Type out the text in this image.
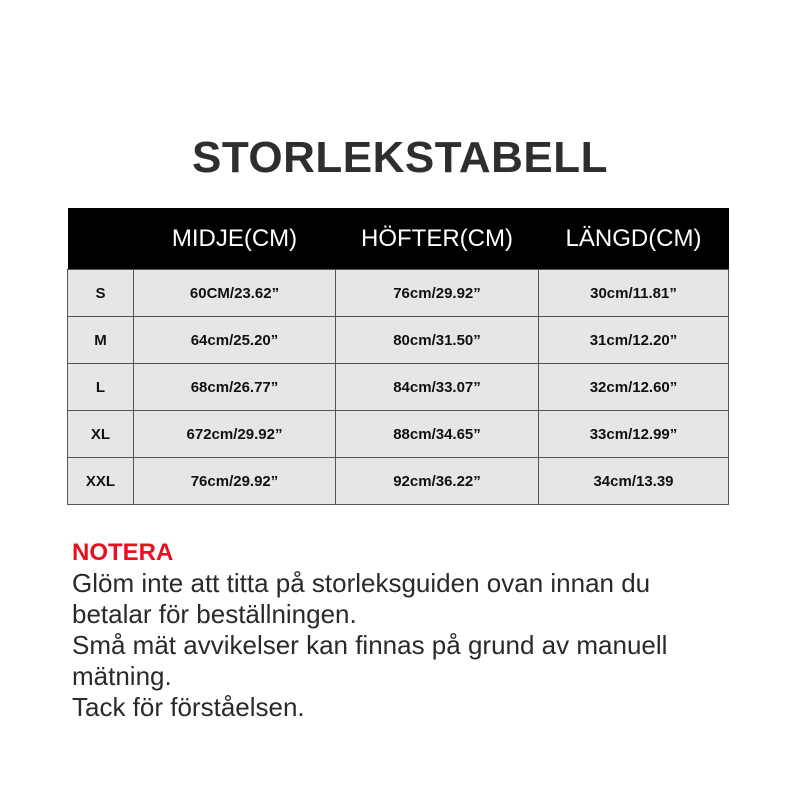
STORLEKSTABELL
	MIDJE(CM)	HÖFTER(CM)	LÄNGD(CM)
S	60CM/23.62”	76cm/29.92”	30cm/11.81”
M	64cm/25.20”	80cm/31.50”	31cm/12.20”
L	68cm/26.77”	84cm/33.07”	32cm/12.60”
XL	672cm/29.92”	88cm/34.65”	33cm/12.99”
XXL	76cm/29.92”	92cm/36.22”	34cm/13.39
NOTERA
Glöm inte att titta på storleksguiden ovan innan du
betalar för beställningen.
Små mät avvikelser kan finnas på grund av manuell
mätning.
Tack för förståelsen.
